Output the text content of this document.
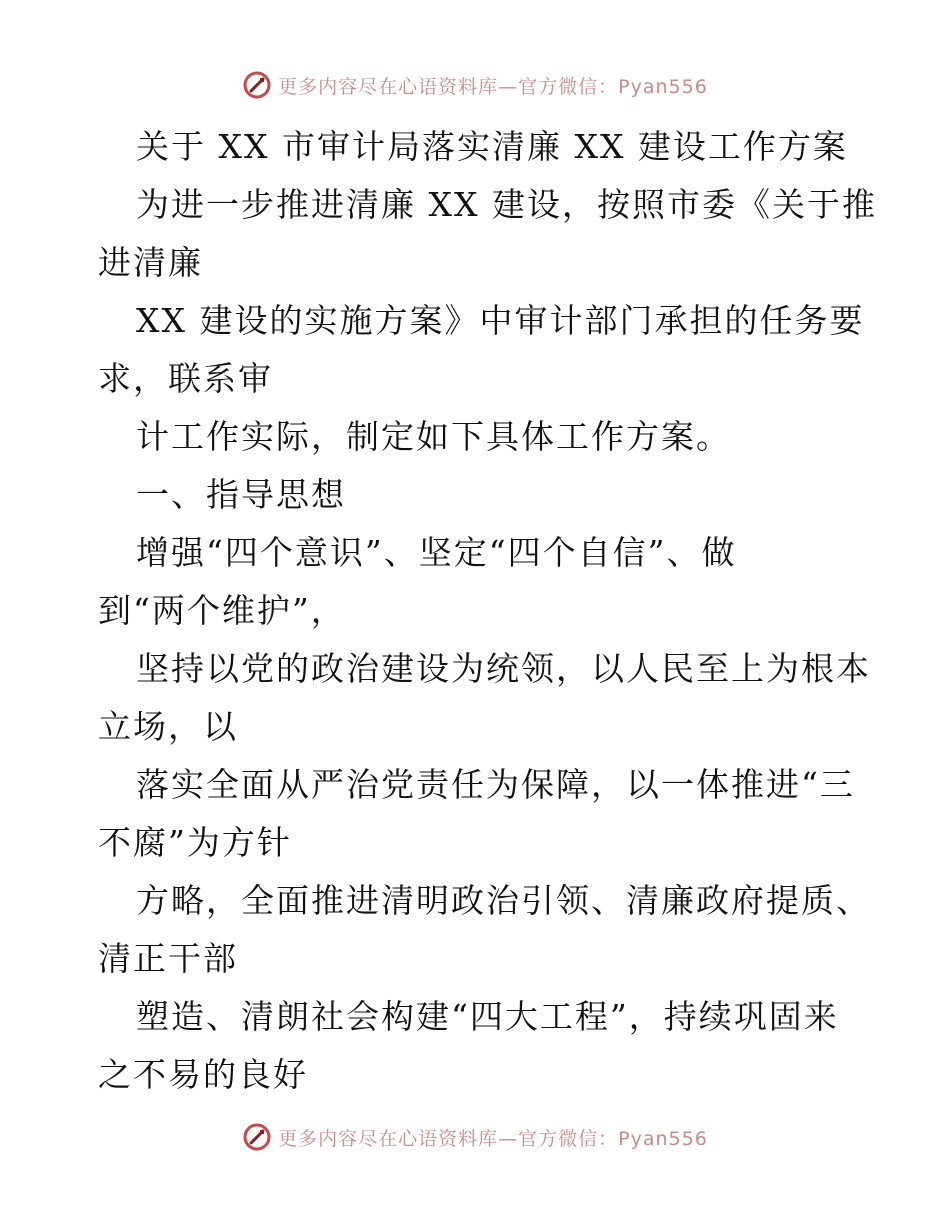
更多内容尽在心语资料库—官方微信：Pyan556
关于 XX 市审计局落实清廉 XX 建设工作方案
为进一步推进清廉 XX 建设，按照市委《关于推
进清廉
XX 建设的实施方案》中审计部门承担的任务要
求，联系审
计工作实际，制定如下具体工作方案。
一、指导思想
增强“四个意识”、坚定“四个自信”、做
到“两个维护”，
坚持以党的政治建设为统领，以人民至上为根本
立场，以
落实全面从严治党责任为保障，以一体推进“三
不腐”为方针
方略，全面推进清明政治引领、清廉政府提质、
清正干部
塑造、清朗社会构建“四大工程”，持续巩固来
之不易的良好
更多内容尽在心语资料库—官方微信：Pyan556
